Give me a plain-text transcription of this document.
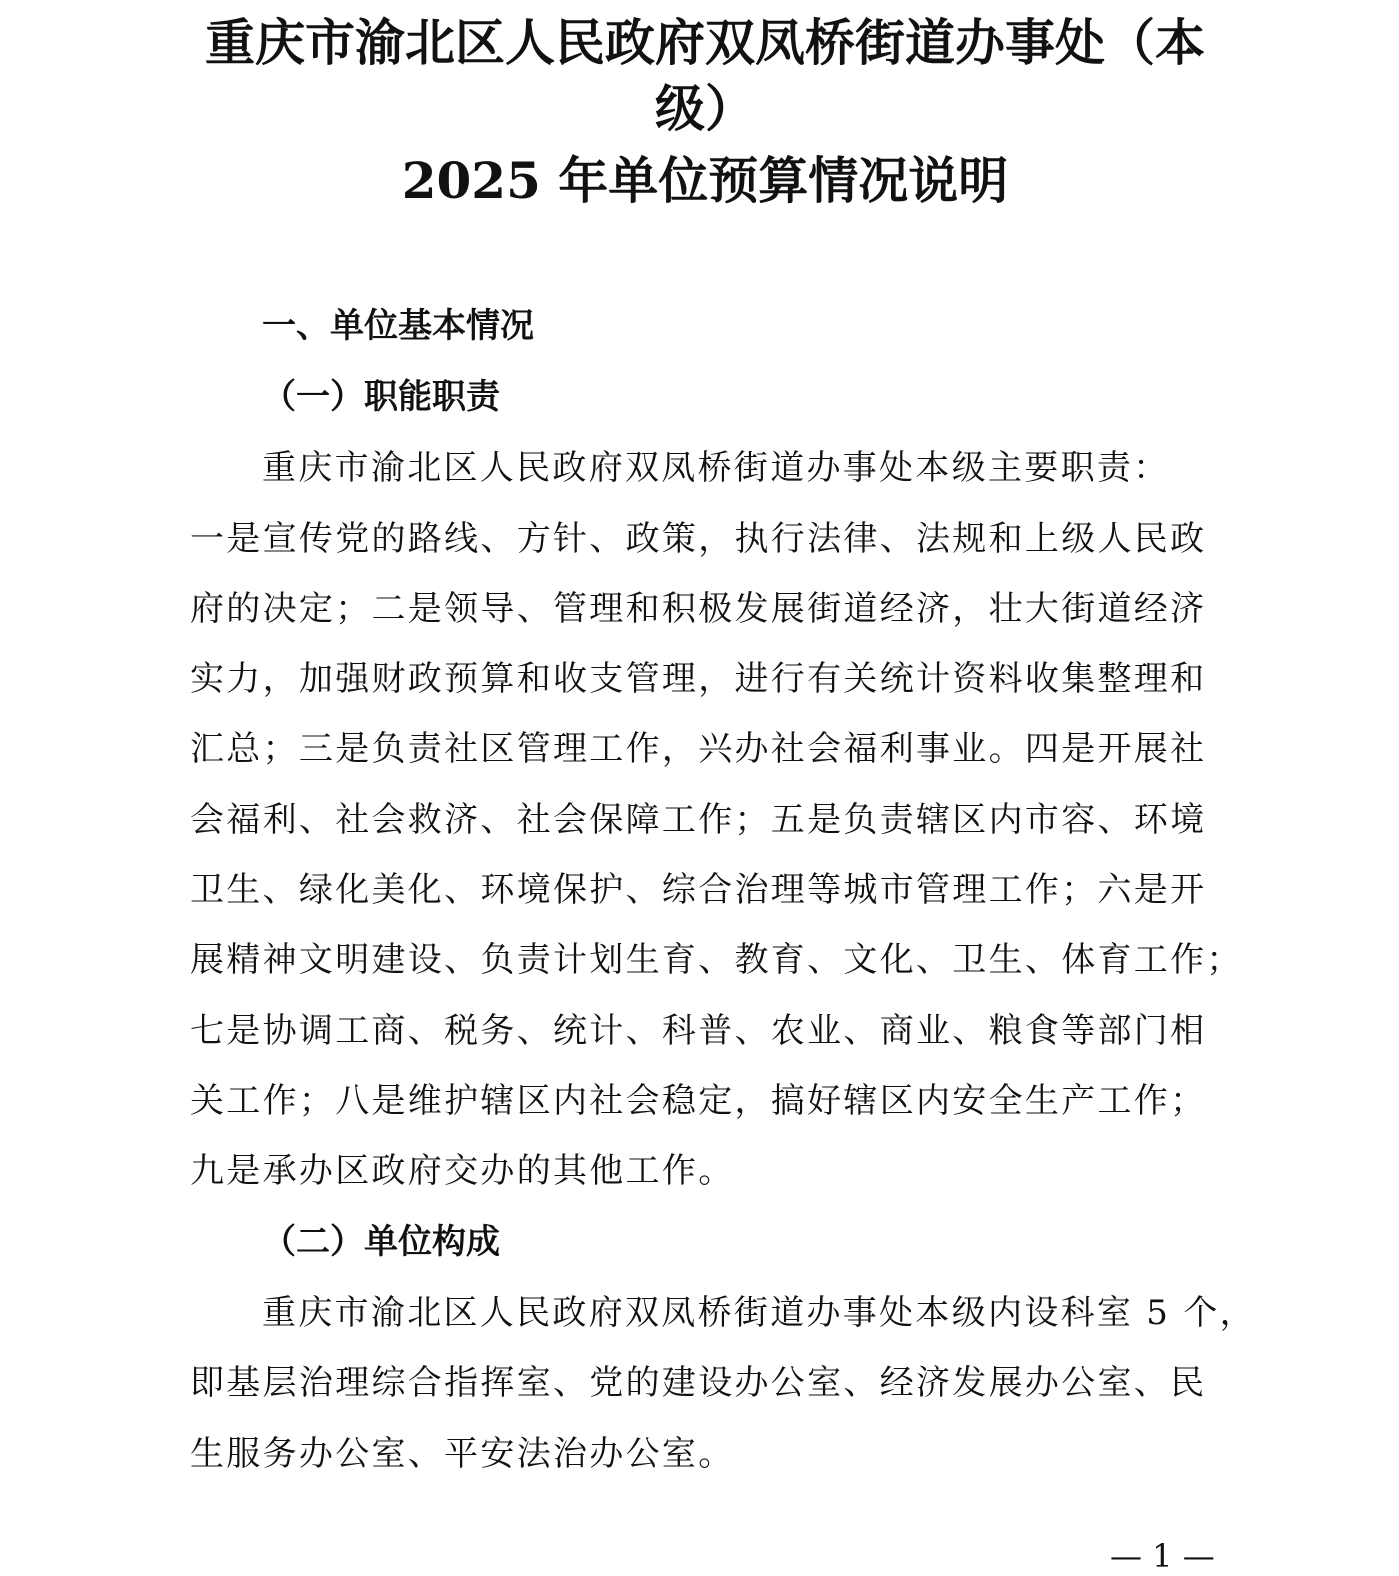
重庆市渝北区人民政府双凤桥街道办事处（本
级）
2025 年单位预算情况说明
一、单位基本情况
（一）职能职责
重庆市渝北区人民政府双凤桥街道办事处本级主要职责：
一是宣传党的路线、方针、政策，执行法律、法规和上级人民政
府的决定；二是领导、管理和积极发展街道经济，壮大街道经济
实力，加强财政预算和收支管理，进行有关统计资料收集整理和
汇总；三是负责社区管理工作，兴办社会福利事业。四是开展社
会福利、社会救济、社会保障工作；五是负责辖区内市容、环境
卫生、绿化美化、环境保护、综合治理等城市管理工作；六是开
展精神文明建设、负责计划生育、教育、文化、卫生、体育工作；
七是协调工商、税务、统计、科普、农业、商业、粮食等部门相
关工作；八是维护辖区内社会稳定，搞好辖区内安全生产工作；
九是承办区政府交办的其他工作。
（二）单位构成
重庆市渝北区人民政府双凤桥街道办事处本级内设科室 5 个，
即基层治理综合指挥室、党的建设办公室、经济发展办公室、民
生服务办公室、平安法治办公室。
— 1 —
